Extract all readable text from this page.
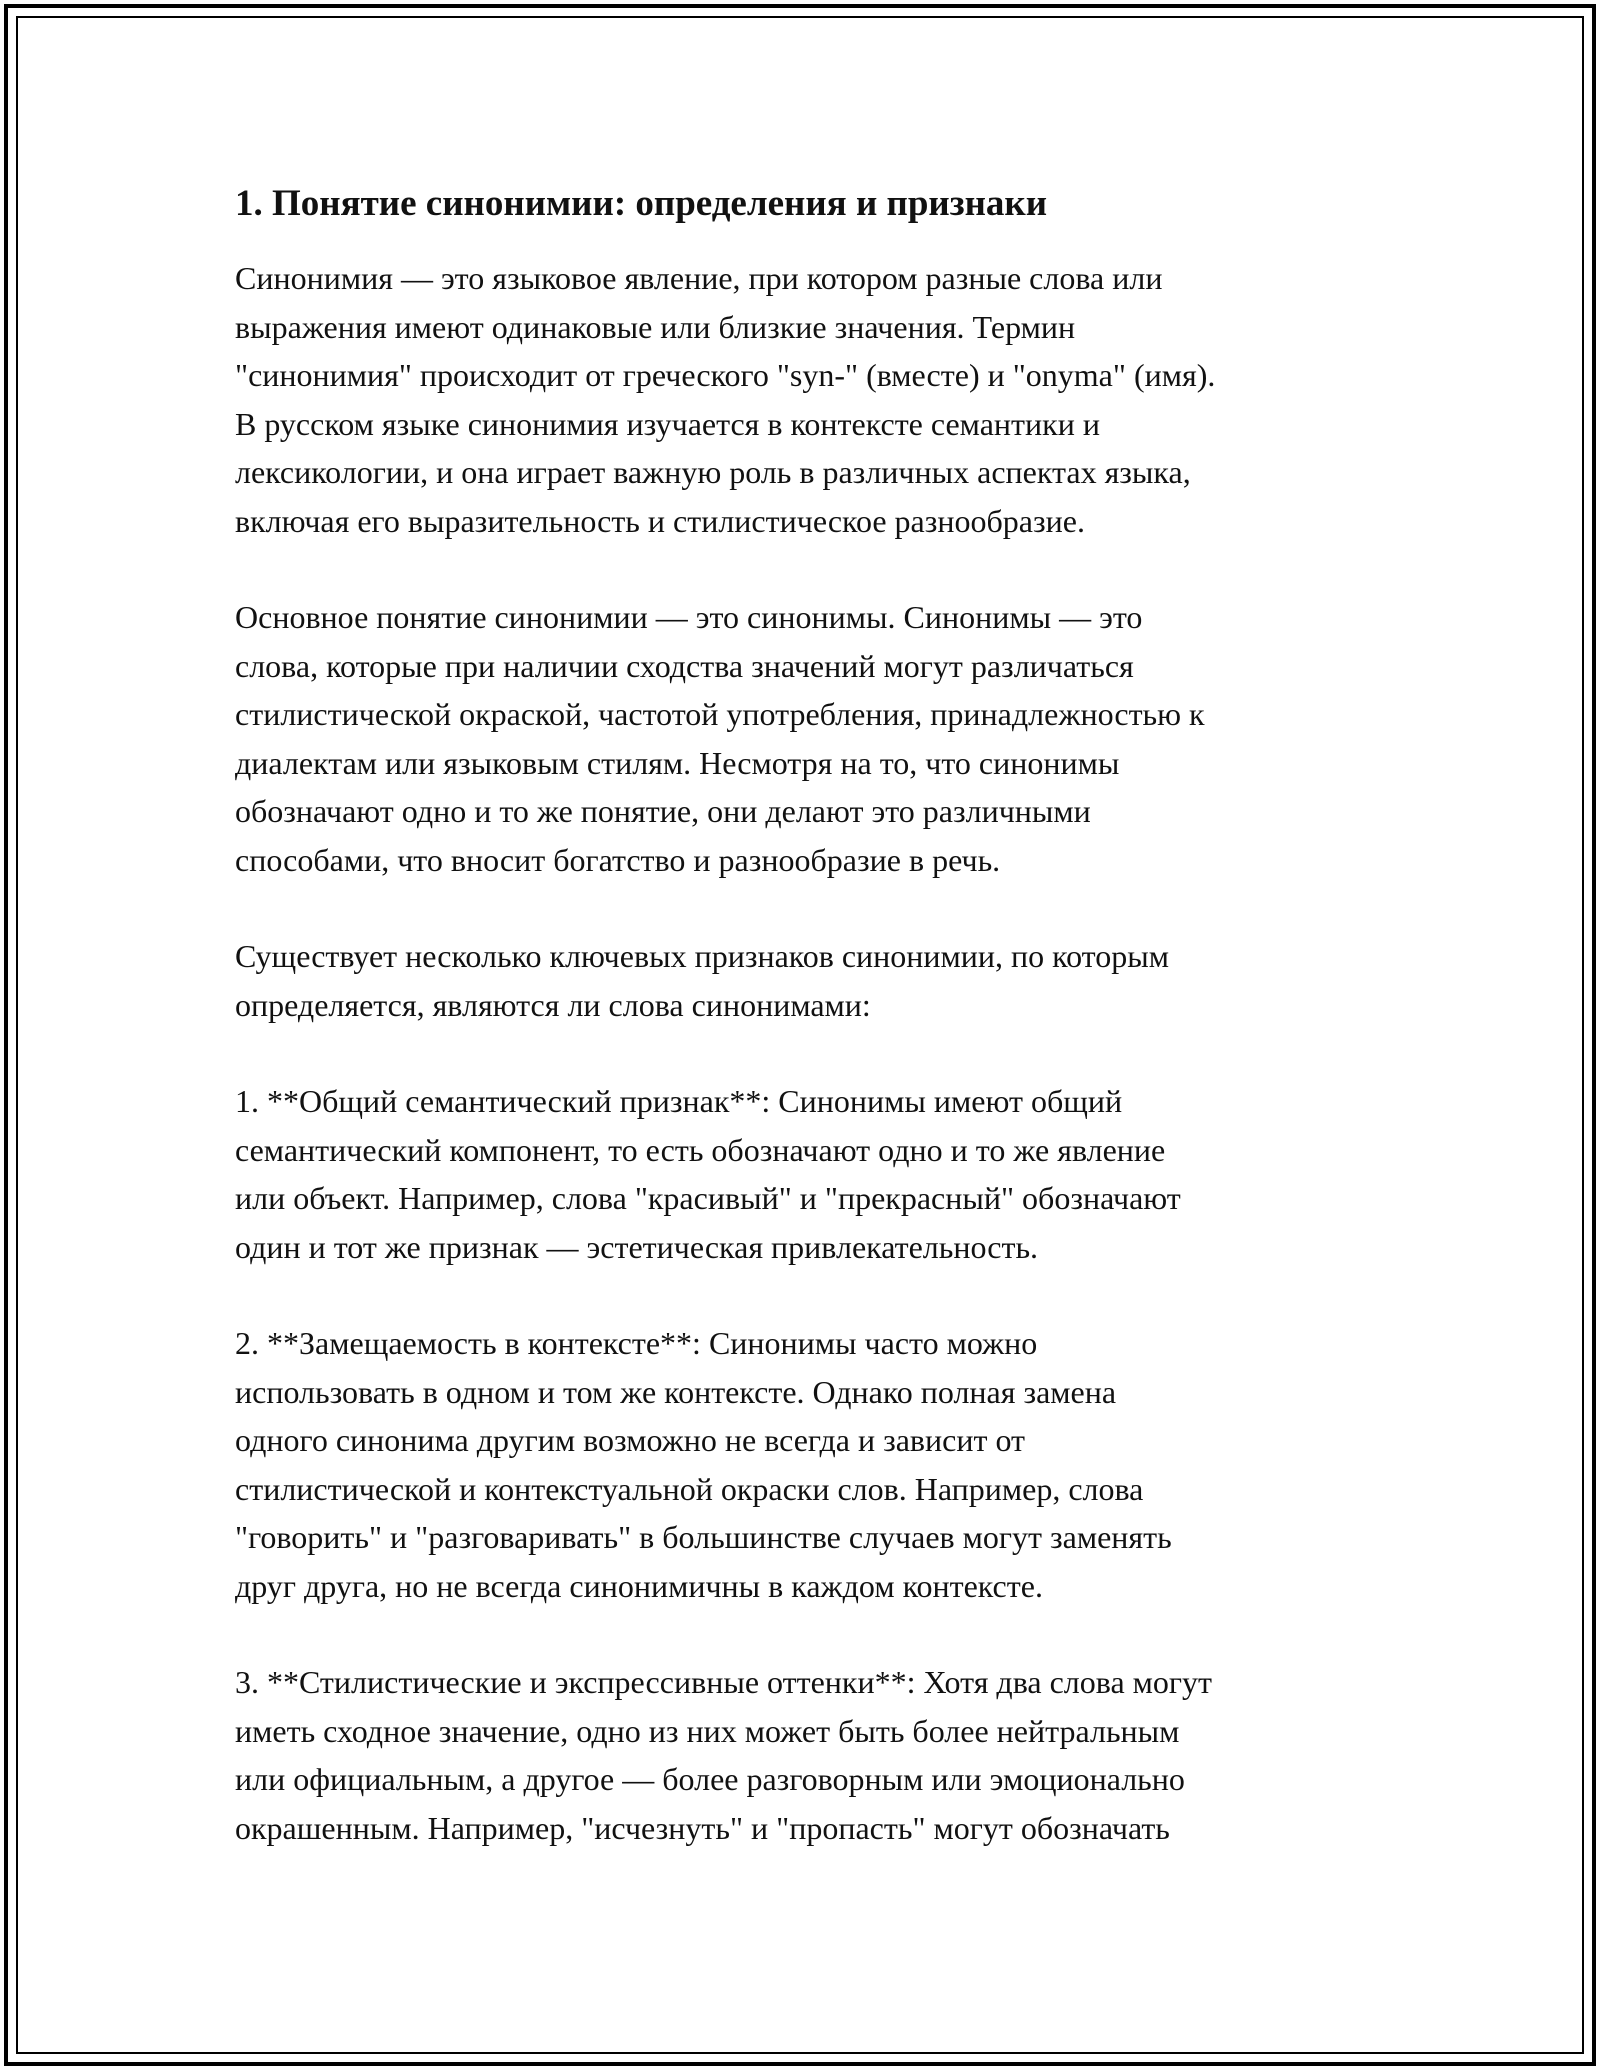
1. Понятие синонимии: определения и признаки

Синонимия — это языковое явление, при котором разные слова или
выражения имеют одинаковые или близкие значения. Термин
"синонимия" происходит от греческого "syn-" (вместе) и "onyma" (имя).
В русском языке синонимия изучается в контексте семантики и
лексикологии, и она играет важную роль в различных аспектах языка,
включая его выразительность и стилистическое разнообразие.

Основное понятие синонимии — это синонимы. Синонимы — это
слова, которые при наличии сходства значений могут различаться
стилистической окраской, частотой употребления, принадлежностью к
диалектам или языковым стилям. Несмотря на то, что синонимы
обозначают одно и то же понятие, они делают это различными
способами, что вносит богатство и разнообразие в речь.

Существует несколько ключевых признаков синонимии, по которым
определяется, являются ли слова синонимами:

1. **Общий семантический признак**: Синонимы имеют общий
семантический компонент, то есть обозначают одно и то же явление
или объект. Например, слова "красивый" и "прекрасный" обозначают
один и тот же признак — эстетическая привлекательность.

2. **Замещаемость в контексте**: Синонимы часто можно
использовать в одном и том же контексте. Однако полная замена
одного синонима другим возможно не всегда и зависит от
стилистической и контекстуальной окраски слов. Например, слова
"говорить" и "разговаривать" в большинстве случаев могут заменять
друг друга, но не всегда синонимичны в каждом контексте.

3. **Стилистические и экспрессивные оттенки**: Хотя два слова могут
иметь сходное значение, одно из них может быть более нейтральным
или официальным, а другое — более разговорным или эмоционально
окрашенным. Например, "исчезнуть" и "пропасть" могут обозначать
